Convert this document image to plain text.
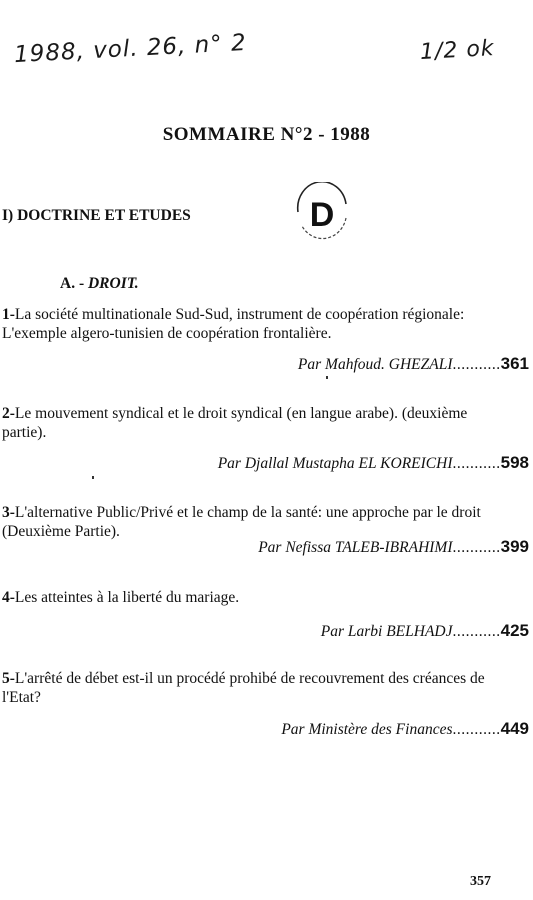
1988, vol. 26, n° 2	1/2 ok
SOMMAIRE N°2 - 1988
D
I) DOCTRINE ET ETUDES
A. - DROIT.

1-La société multinationale Sud-Sud, instrument de coopération régionale: L'exemple algero-tunisien de coopération frontalière.

Par Mahfoud. GHEZALI...........361

2-Le mouvement syndical et le droit syndical (en langue arabe). (deuxième partie).

Par Djallal Mustapha EL KOREICHI...........598

3-L'alternative Public/Privé et le champ de la santé: une approche par le droit (Deuxième Partie).

Par Nefissa TALEB-IBRAHIMI...........399

4-Les atteintes à la liberté du mariage.

Par Larbi BELHADJ...........425

5-L'arrêté de débet est-il un procédé prohibé de recouvrement des créances de l'Etat?

Par Ministère des Finances...........449
357
